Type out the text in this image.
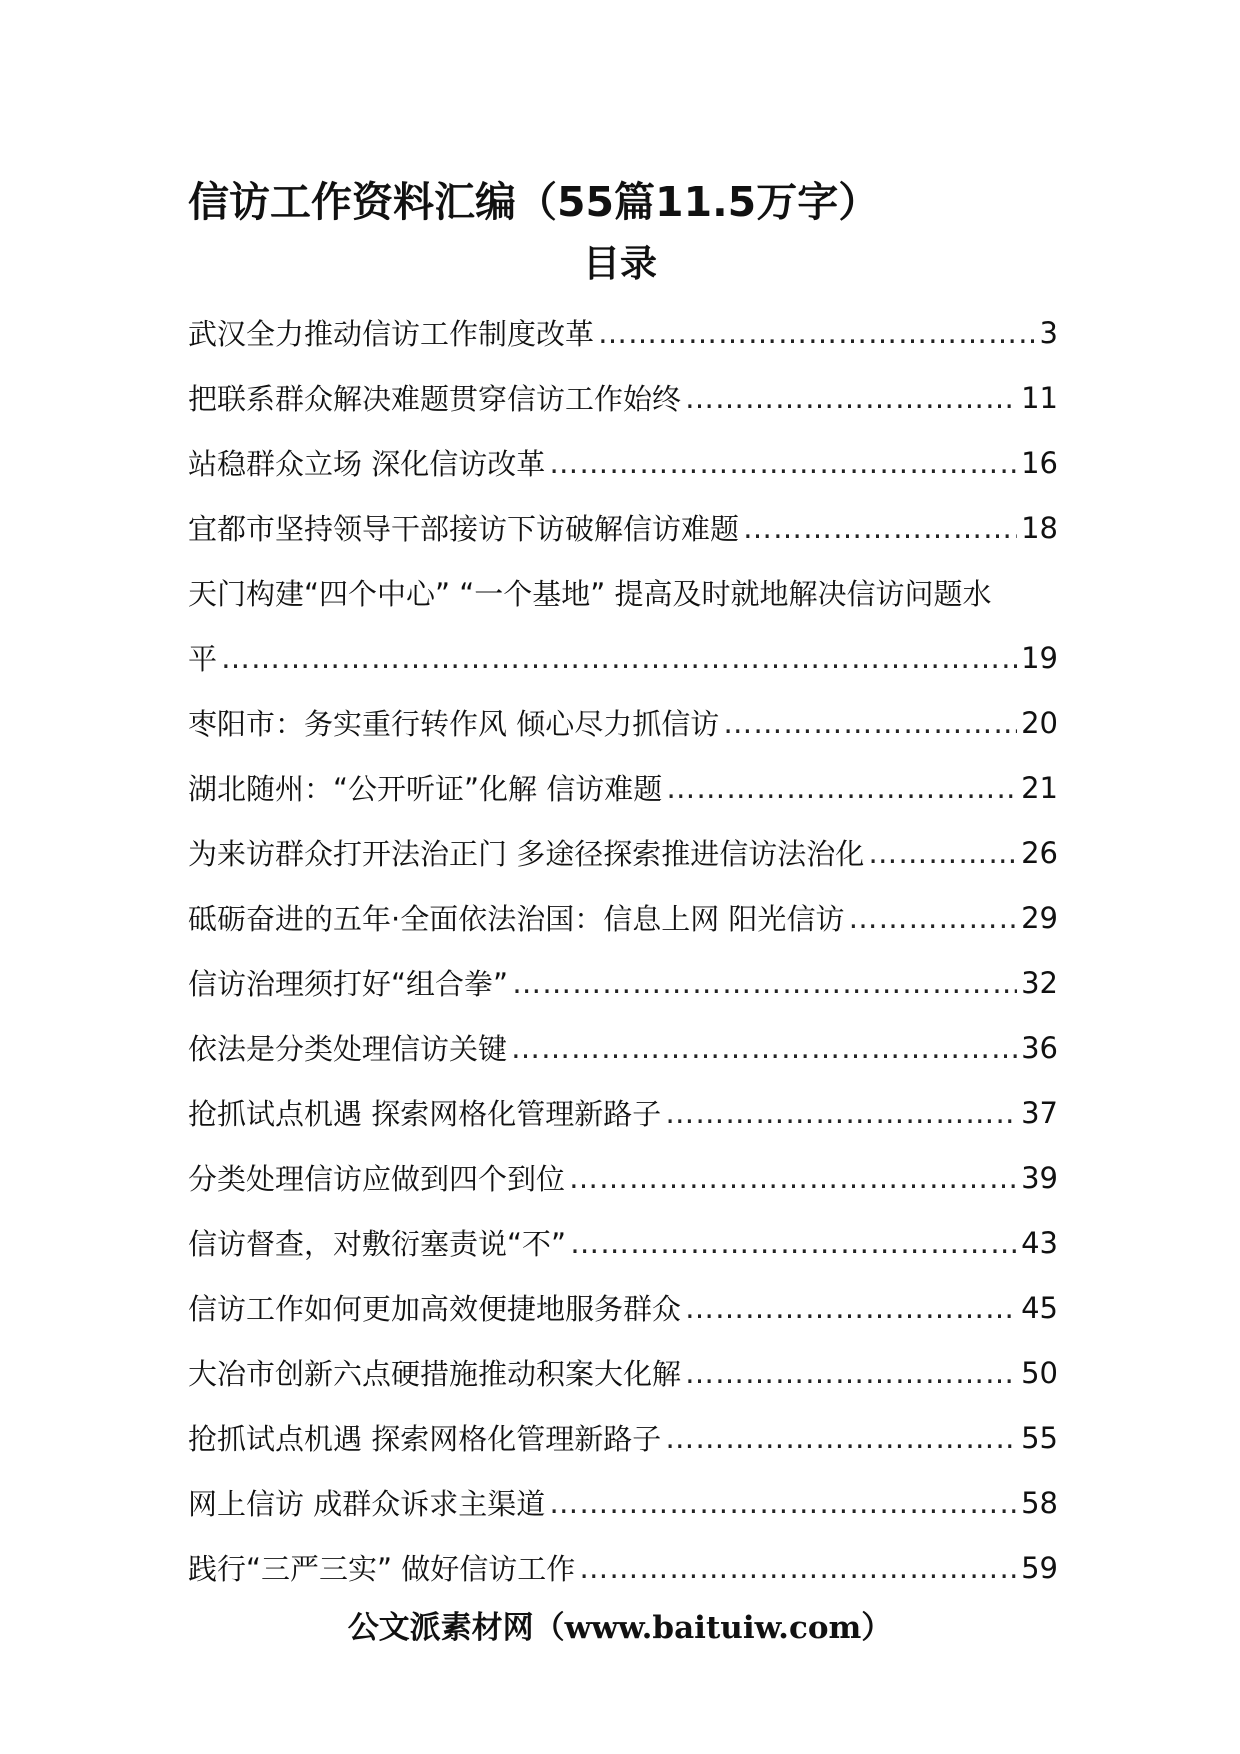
信访工作资料汇编（55篇11.5万字）
目录
武汉全力推动信访工作制度改革 …………………………………………………………………………………………………………………………………………	3
把联系群众解决难题贯穿信访工作始终 …………………………………………………………………………………………………………………………………………	11
站稳群众立场 深化信访改革 …………………………………………………………………………………………………………………………………………	16
宜都市坚持领导干部接访下访破解信访难题 …………………………………………………………………………………………………………………………………………	18
天门构建“四个中心” “一个基地” 提高及时就地解决信访问题水
平 …………………………………………………………………………………………………………………………………………	19
枣阳市：务实重行转作风 倾心尽力抓信访 …………………………………………………………………………………………………………………………………………	20
湖北随州：“公开听证”化解 信访难题 …………………………………………………………………………………………………………………………………………	21
为来访群众打开法治正门 多途径探索推进信访法治化 …………………………………………………………………………………………………………………………………………	26
砥砺奋进的五年·全面依法治国：信息上网 阳光信访 …………………………………………………………………………………………………………………………………………	29
信访治理须打好“组合拳” …………………………………………………………………………………………………………………………………………	32
依法是分类处理信访关键 …………………………………………………………………………………………………………………………………………	36
抢抓试点机遇 探索网格化管理新路子 …………………………………………………………………………………………………………………………………………	37
分类处理信访应做到四个到位 …………………………………………………………………………………………………………………………………………	39
信访督查，对敷衍塞责说“不” …………………………………………………………………………………………………………………………………………	43
信访工作如何更加高效便捷地服务群众 …………………………………………………………………………………………………………………………………………	45
大冶市创新六点硬措施推动积案大化解 …………………………………………………………………………………………………………………………………………	50
抢抓试点机遇 探索网格化管理新路子 …………………………………………………………………………………………………………………………………………	55
网上信访 成群众诉求主渠道 …………………………………………………………………………………………………………………………………………	58
践行“三严三实” 做好信访工作 …………………………………………………………………………………………………………………………………………	59
公文派素材网（www.baituiw.com）
